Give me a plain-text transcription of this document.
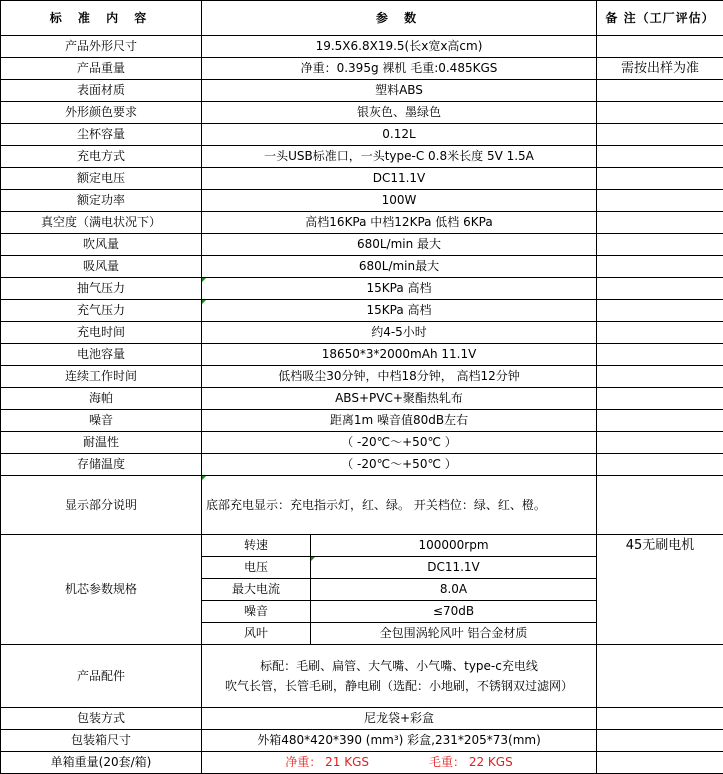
标 准 内 容	参 数		备 注（工厂评估）
产品外形尺寸	19.5X6.8X19.5(长x宽x高cm)		
产品重量	净重：0.395g 裸机 毛重:0.485KGS		需按出样为准
表面材质	塑料ABS		
外形颜色要求	银灰色、墨绿色		
尘杯容量	0.12L		
充电方式	一头USB标准口，一头type-C 0.8米长度 5V 1.5A		
额定电压	DC11.1V		
额定功率	100W		
真空度（满电状况下）	高档16KPa 中档12KPa 低档 6KPa		
吹风量	680L/min 最大		
吸风量	680L/min最大		
抽气压力	15KPa 高档		
充气压力	15KPa 高档		
充电时间	约4-5小时		
电池容量	18650*3*2000mAh 11.1V		
连续工作时间	低档吸尘30分钟，中档18分钟， 高档12分钟		
海帕	ABS+PVC+聚酯热轧布		
噪音	距离1m 噪音值80dB左右		
耐温性	（ -20℃～+50℃ ）		
存储温度	（ -20℃～+50℃ ）		
显示部分说明	底部充电显示：充电指示灯，红、绿。 开关档位：绿、红、橙。		
机芯参数规格	转速	100000rpm	45无刷电机
	电压	DC11.1V	
	最大电流	8.0A	
	噪音	≤70dB	
	风叶	全包围涡轮风叶 铝合金材质	
产品配件	标配：毛刷、扁管、大气嘴、小气嘴、type-c充电线
吹气长管，长管毛刷，静电刷（选配：小地刷，不锈钢双过滤网）		

包装方式	尼龙袋+彩盒		
包装箱尺寸	外箱480*420*390 (mm³) 彩盒,231*205*73(mm)		
单箱重量(20套/箱)	净重： 21 KGS 毛重： 22 KGS		
